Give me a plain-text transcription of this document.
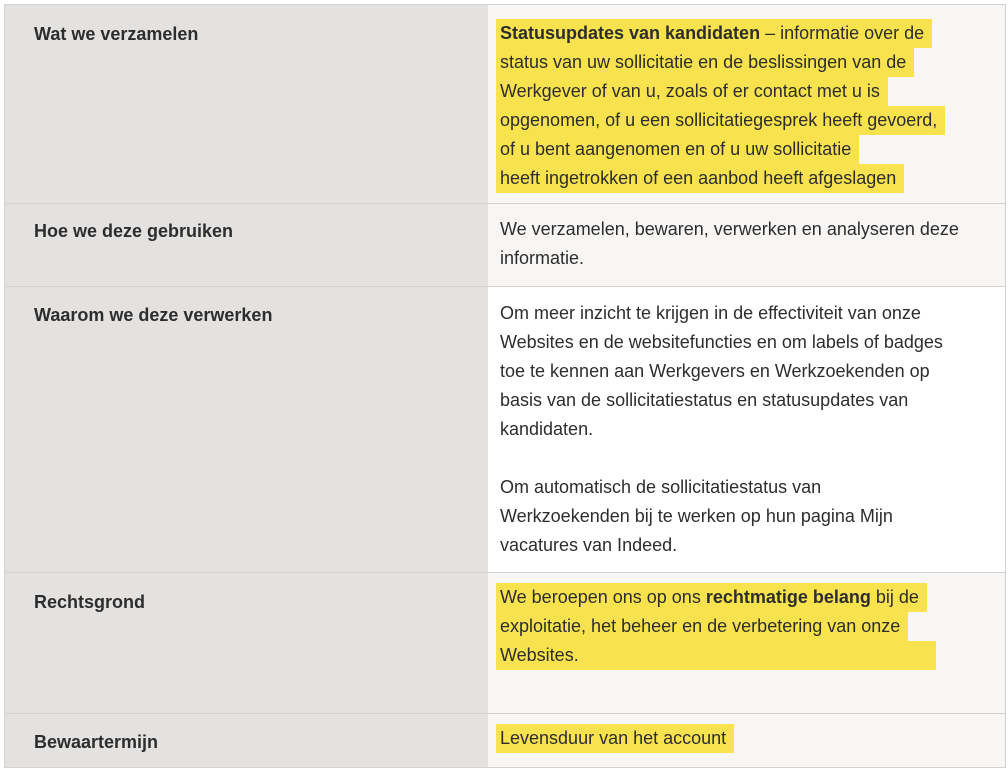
Wat we verzamelen	Statusupdates van kandidaten – informatie over de
status van uw sollicitatie en de beslissingen van de
Werkgever of van u, zoals of er contact met u is
opgenomen, of u een sollicitatiegesprek heeft gevoerd,
of u bent aangenomen en of u uw sollicitatie
heeft ingetrokken of een aanbod heeft afgeslagen
Hoe we deze gebruiken	We verzamelen, bewaren, verwerken en analyseren deze
informatie.
Waarom we deze verwerken	Om meer inzicht te krijgen in de effectiviteit van onze
Websites en de websitefuncties en om labels of badges
toe te kennen aan Werkgevers en Werkzoekenden op
basis van de sollicitatiestatus en statusupdates van
kandidaten.
Om automatisch de sollicitatiestatus van
Werkzoekenden bij te werken op hun pagina Mijn
vacatures van Indeed.
Rechtsgrond	We beroepen ons op ons rechtmatige belang bij de
exploitatie, het beheer en de verbetering van onze
Websites.
Bewaartermijn	Levensduur van het account
